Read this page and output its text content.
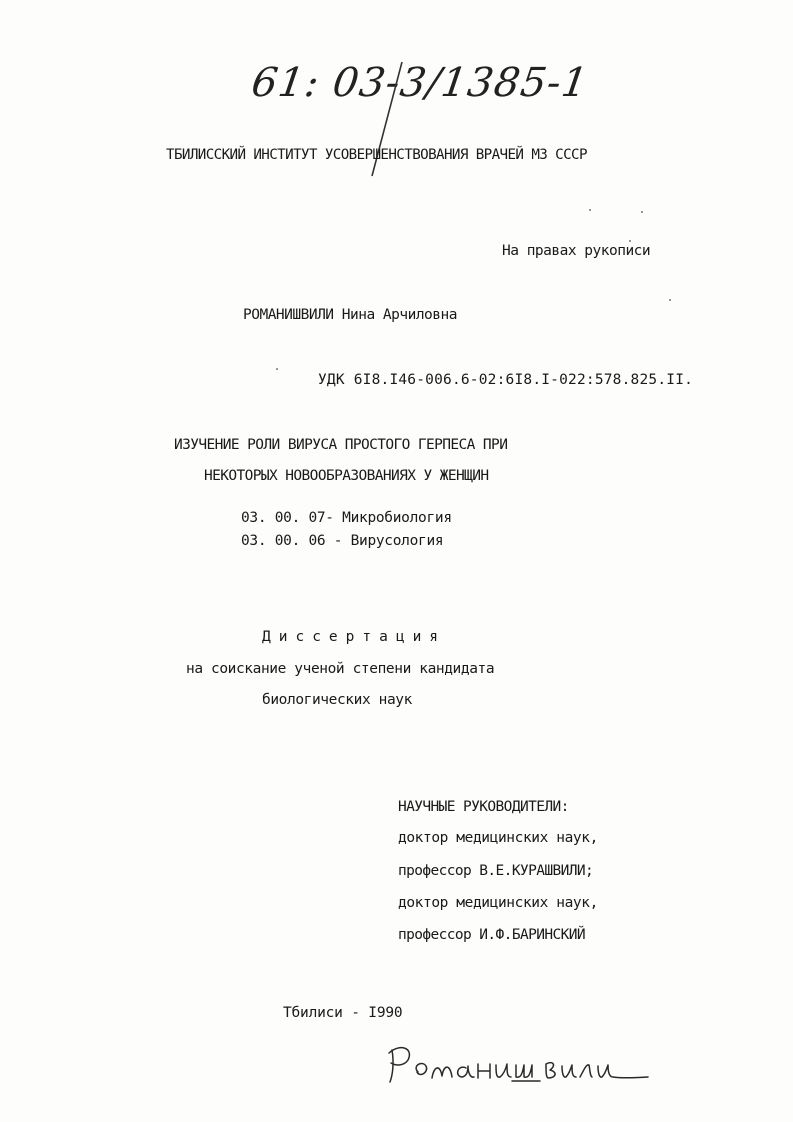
61: 03-3/1385-1
ТБИЛИССКИЙ ИНСТИТУТ УСОВЕРШЕНСТВОВАНИЯ ВРАЧЕЙ МЗ СССР
На правах рукописи
РОМАНИШВИЛИ Нина Арчиловна
УДК 6I8.I46-006.6-02:6I8.I-022:578.825.II.
ИЗУЧЕНИЕ РОЛИ ВИРУСА ПРОСТОГО ГЕРПЕСА ПРИ
НЕКОТОРЫХ НОВООБРАЗОВАНИЯХ У ЖЕНЩИН
03. 00. 07- Микробиология
03. 00. 06 - Вирусология
Диссертация
на соискание ученой степени кандидата
биологических наук
НАУЧНЫЕ РУКОВОДИТЕЛИ:
доктор медицинских наук,
профессор В.Е.КУРАШВИЛИ;
доктор медицинских наук,
профессор И.Ф.БАРИНСКИЙ
Тбилиси - I990
